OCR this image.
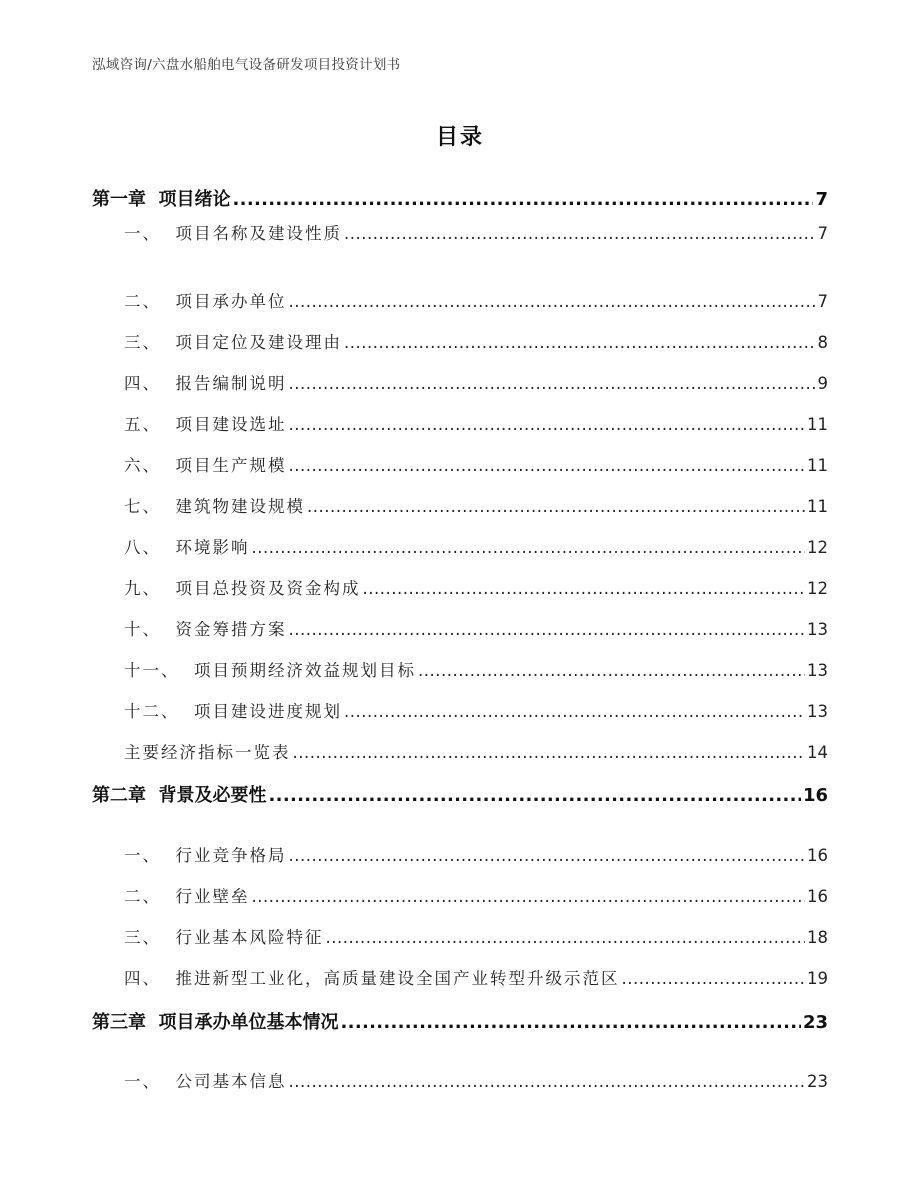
泓域咨询/六盘水船舶电气设备研发项目投资计划书
目录
第一章  项目绪论 .....	7
一、  项目名称及建设性质 .....	7
二、  项目承办单位 .....	7
三、  项目定位及建设理由 .....	8
四、  报告编制说明 .....	9
五、  项目建设选址 .....	11
六、  项目生产规模 .....	11
七、  建筑物建设规模 .....	11
八、  环境影响 .....	12
九、  项目总投资及资金构成 .....	12
十、  资金筹措方案 .....	13
十一、  项目预期经济效益规划目标 .....	13
十二、  项目建设进度规划 .....	13
主要经济指标一览表 .....	14
第二章  背景及必要性 .....	16
一、  行业竞争格局 .....	16
二、  行业壁垒 .....	16
三、  行业基本风险特征 .....	18
四、  推进新型工业化，高质量建设全国产业转型升级示范区 .....	19
第三章  项目承办单位基本情况 .....	23
一、  公司基本信息 .....	23
